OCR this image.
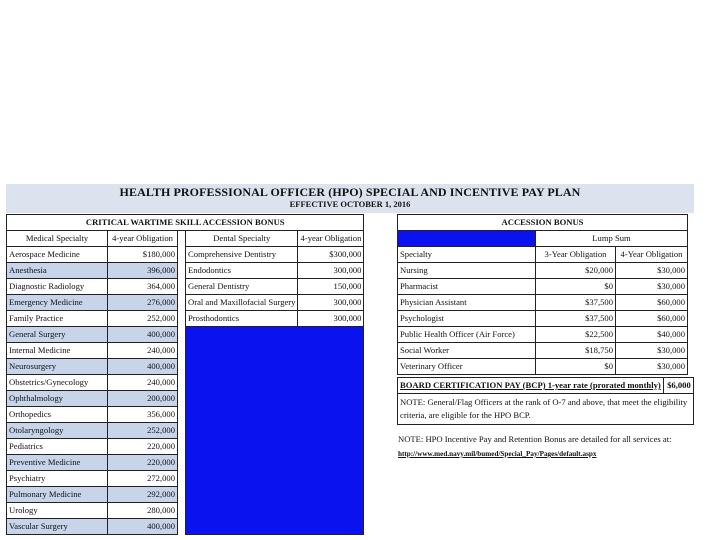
HEALTH PROFESSIONAL OFFICER (HPO) SPECIAL AND INCENTIVE PAY PLAN
EFFECTIVE OCTOBER 1, 2016
CRITICAL WARTIME SKILL ACCESSION BONUS				
Medical Specialty	4-year Obligation		Dental Specialty	4-year Obligation
Aerospace Medicine	$180,000		Comprehensive Dentistry	$300,000
Anesthesia	396,000		Endodontics	300,000
Diagnostic Radiology	364,000		General Dentistry	150,000
Emergency Medicine	276,000		Oral and Maxillofacial Surgery	300,000
Family Practice	252,000		Prosthodontics	300,000
General Surgery	400,000			
Internal Medicine	240,000			
Neurosurgery	400,000			
Obstetrics/Gynecology	240,000			
Ophthalmology	200,000			
Orthopedics	356,000			
Otolaryngology	252,000			
Pediatrics	220,000			
Preventive Medicine	220,000			
Psychiatry	272,000			
Pulmonary Medicine	292,000			
Urology	280,000			
Vascular Surgery	400,000			
ACCESSION BONUS		
	Lump Sum	
Specialty	3-Year Obligation	4-Year Obligation
Nursing	$20,000	$30,000
Pharmacist	$0	$30,000
Physician Assistant	$37,500	$60,000
Psychologist	$37,500	$60,000
Public Health Officer (Air Force)	$22,500	$40,000
Social Worker	$18,750	$30,000
Veterinary Officer	$0	$30,000
BOARD CERTIFICATION PAY (BCP) 1-year rate (prorated monthly)	$6,000
NOTE: General/Flag Officers at the rank of O-7 and above, that meet the eligibility criteria, are eligible for the HPO BCP.
NOTE: HPO Incentive Pay and Retention Bonus are detailed for all services at:
http://www.med.navy.mil/bumed/Special_Pay/Pages/default.aspx
